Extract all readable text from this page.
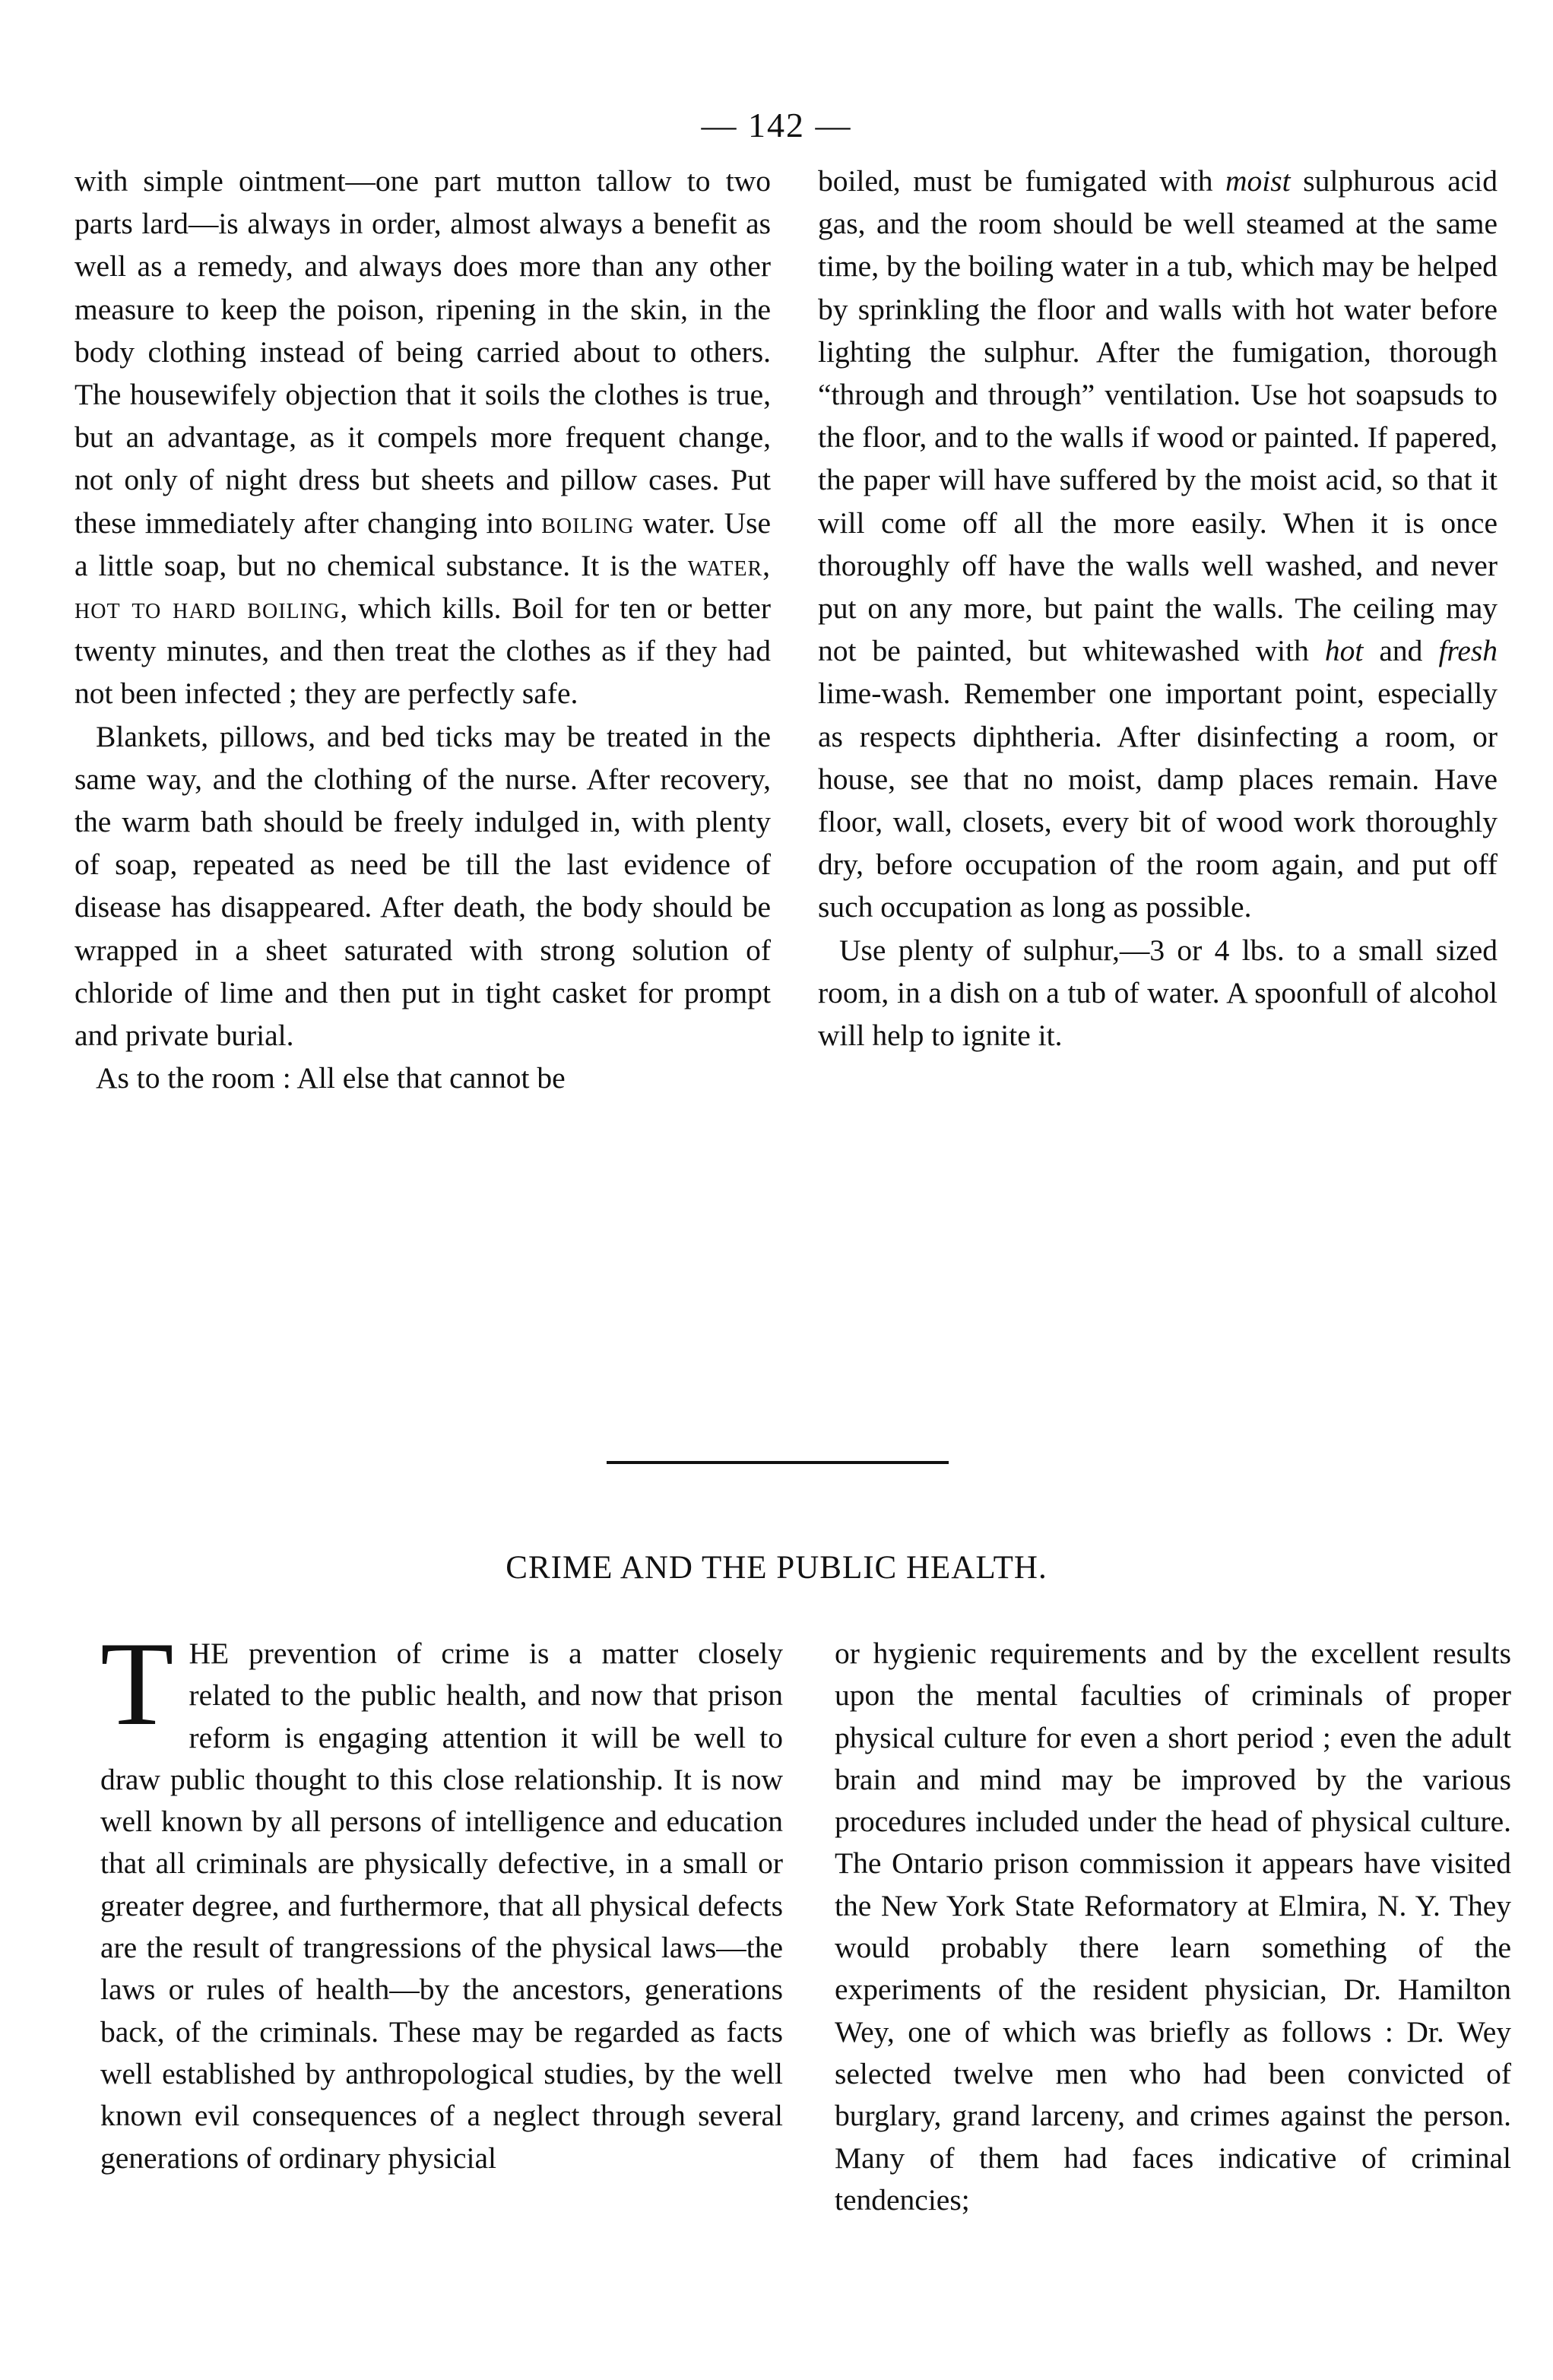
— 142 —

with simple ointment—one part mutton tallow to two parts lard—is always in order, almost always a benefit as well as a remedy, and always does more than any other measure to keep the poison, ripening in the skin, in the body clothing instead of being carried about to others. The housewifely objection that it soils the clothes is true, but an advantage, as it compels more frequent change, not only of night dress but sheets and pillow cases. Put these immediately after changing into boiling water. Use a little soap, but no chemical substance. It is the water, hot to hard boiling, which kills. Boil for ten or better twenty minutes, and then treat the clothes as if they had not been infected ; they are perfectly safe.

Blankets, pillows, and bed ticks may be treated in the same way, and the clothing of the nurse. After recovery, the warm bath should be freely indulged in, with plenty of soap, repeated as need be till the last evidence of disease has disappeared. After death, the body should be wrapped in a sheet saturated with strong solution of chloride of lime and then put in tight casket for prompt and private burial.

As to the room : All else that cannot be

boiled, must be fumigated with moist sulphurous acid gas, and the room should be well steamed at the same time, by the boiling water in a tub, which may be helped by sprinkling the floor and walls with hot water before lighting the sulphur. After the fumigation, thorough “through and through” ventilation. Use hot soapsuds to the floor, and to the walls if wood or painted. If papered, the paper will have suffered by the moist acid, so that it will come off all the more easily. When it is once thoroughly off have the walls well washed, and never put on any more, but paint the walls. The ceiling may not be painted, but whitewashed with hot and fresh lime-wash. Remember one important point, especially as respects diphtheria. After disinfecting a room, or house, see that no moist, damp places remain. Have floor, wall, closets, every bit of wood work thoroughly dry, before occupation of the room again, and put off such occupation as long as possible.

Use plenty of sulphur,—3 or 4 lbs. to a small sized room, in a dish on a tub of water. A spoonfull of alcohol will help to ignite it.

CRIME AND THE PUBLIC HEALTH.

THE prevention of crime is a matter closely related to the public health, and now that prison reform is engaging attention it will be well to draw public thought to this close relationship. It is now well known by all persons of intelligence and education that all criminals are physically defective, in a small or greater degree, and furthermore, that all physical defects are the result of trangressions of the physical laws—the laws or rules of health—by the ancestors, generations back, of the criminals. These may be regarded as facts well established by anthropological studies, by the well known evil consequences of a neglect through several generations of ordinary physicial

or hygienic requirements and by the excellent results upon the mental faculties of criminals of proper physical culture for even a short period ; even the adult brain and mind may be improved by the various procedures included under the head of physical culture. The Ontario prison commission it appears have visited the New York State Reformatory at Elmira, N. Y. They would probably there learn something of the experiments of the resident physician, Dr. Hamilton Wey, one of which was briefly as follows : Dr. Wey selected twelve men who had been convicted of burglary, grand larceny, and crimes against the person. Many of them had faces indicative of criminal tendencies;
